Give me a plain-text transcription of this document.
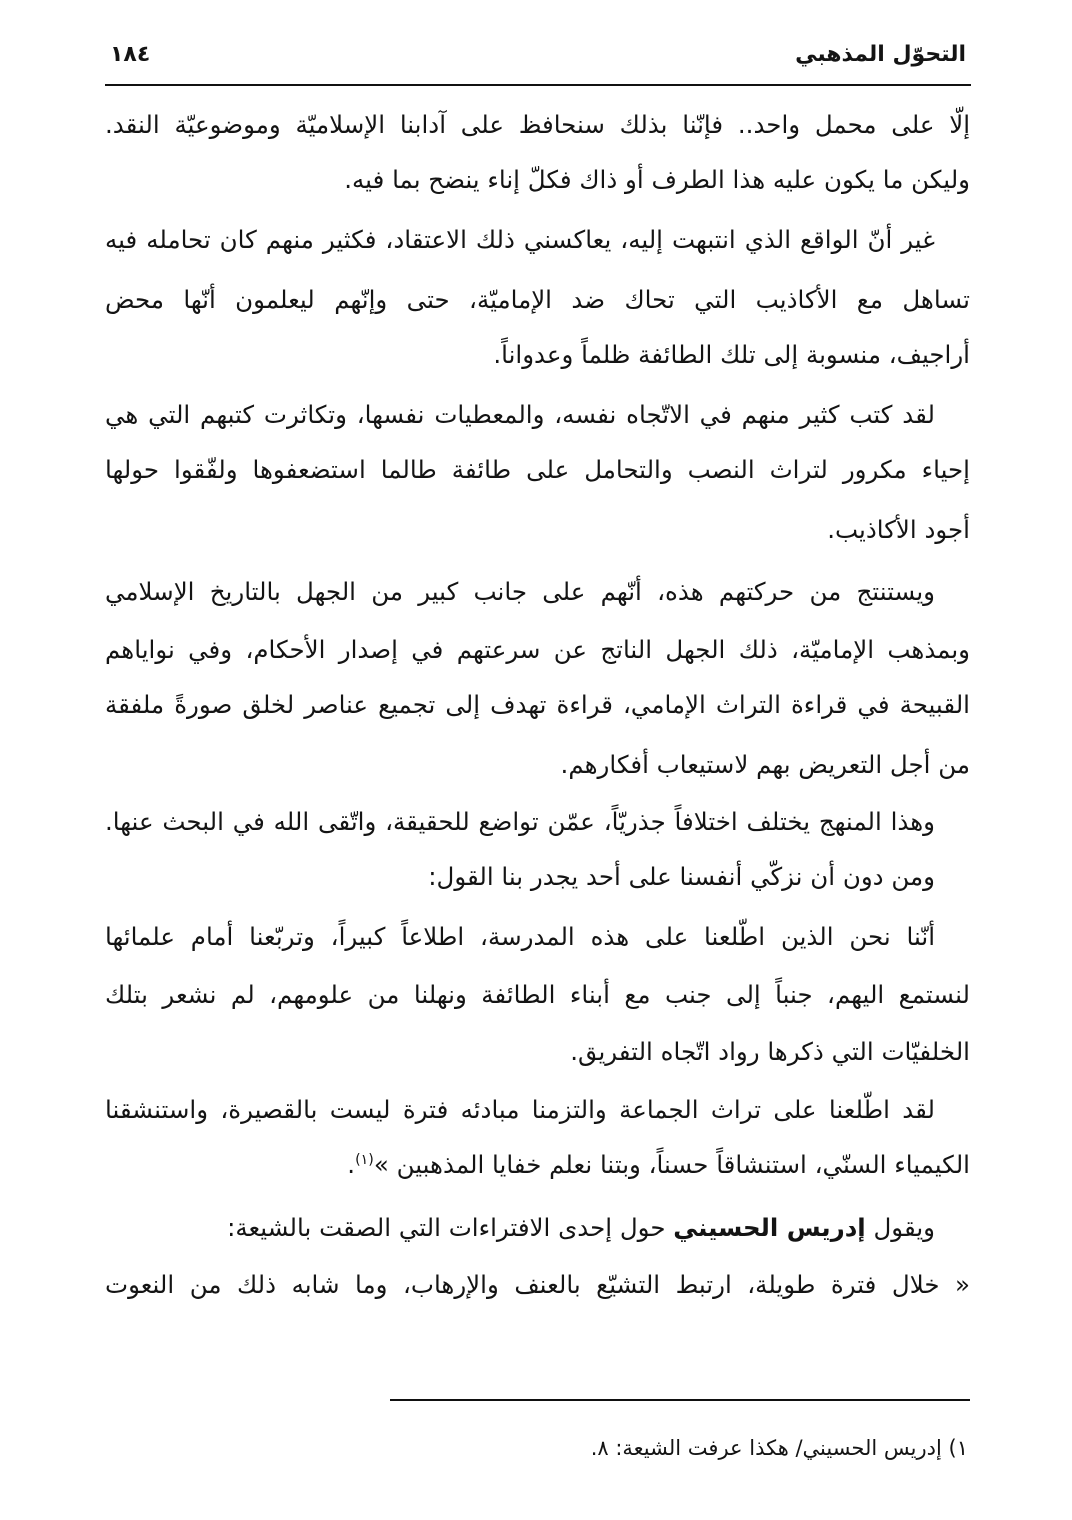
التحوّل المذهبي
١٨٤
إلّا على محمل واحد.. فإنّنا بذلك سنحافظ على آدابنا الإسلاميّة وموضوعيّة النقد.
وليكن ما يكون عليه هذا الطرف أو ذاك فكلّ إناء ينضح بما فيه.
غير أنّ الواقع الذي انتبهت إليه، يعاكسني ذلك الاعتقاد، فكثير منهم كان تحامله فيه
تساهل مع الأكاذيب التي تحاك ضد الإماميّة، حتى وإنّهم ليعلمون أنّها محض
أراجيف، منسوبة إلى تلك الطائفة ظلماً وعدواناً.
لقد كتب كثير منهم في الاتّجاه نفسه، والمعطيات نفسها، وتكاثرت كتبهم التي هي
إحياء مكرور لتراث النصب والتحامل على طائفة طالما استضعفوها ولفّقوا حولها
أجود الأكاذيب.
ويستنتج من حركتهم هذه، أنّهم على جانب كبير من الجهل بالتاريخ الإسلامي
وبمذهب الإماميّة، ذلك الجهل الناتج عن سرعتهم في إصدار الأحكام، وفي نواياهم
القبيحة في قراءة التراث الإمامي، قراءة تهدف إلى تجميع عناصر لخلق صورةً ملفقة
من أجل التعريض بهم لاستيعاب أفكارهم.
وهذا المنهج يختلف اختلافاً جذريّاً، عمّن تواضع للحقيقة، واتّقى الله في البحث عنها.
ومن دون أن نزكّي أنفسنا على أحد يجدر بنا القول:
أنّنا نحن الذين اطّلعنا على هذه المدرسة، اطلاعاً كبيراً، وتربّعنا أمام علمائها
لنستمع اليهم، جنباً إلى جنب مع أبناء الطائفة ونهلنا من علومهم، لم نشعر بتلك
الخلفيّات التي ذكرها رواد اتّجاه التفريق.
لقد اطّلعنا على تراث الجماعة والتزمنا مبادئه فترة ليست بالقصيرة، واستنشقنا
الكيمياء السنّي، استنشاقاً حسناً، وبتنا نعلم خفايا المذهبين »$^{(١)}$.
ويقول إدريس الحسيني حول إحدى الافتراءات التي الصقت بالشيعة:
« خلال فترة طويلة، ارتبط التشيّع بالعنف والإرهاب، وما شابه ذلك من النعوت
١) إدريس الحسيني/ هكذا عرفت الشيعة: ٨.
